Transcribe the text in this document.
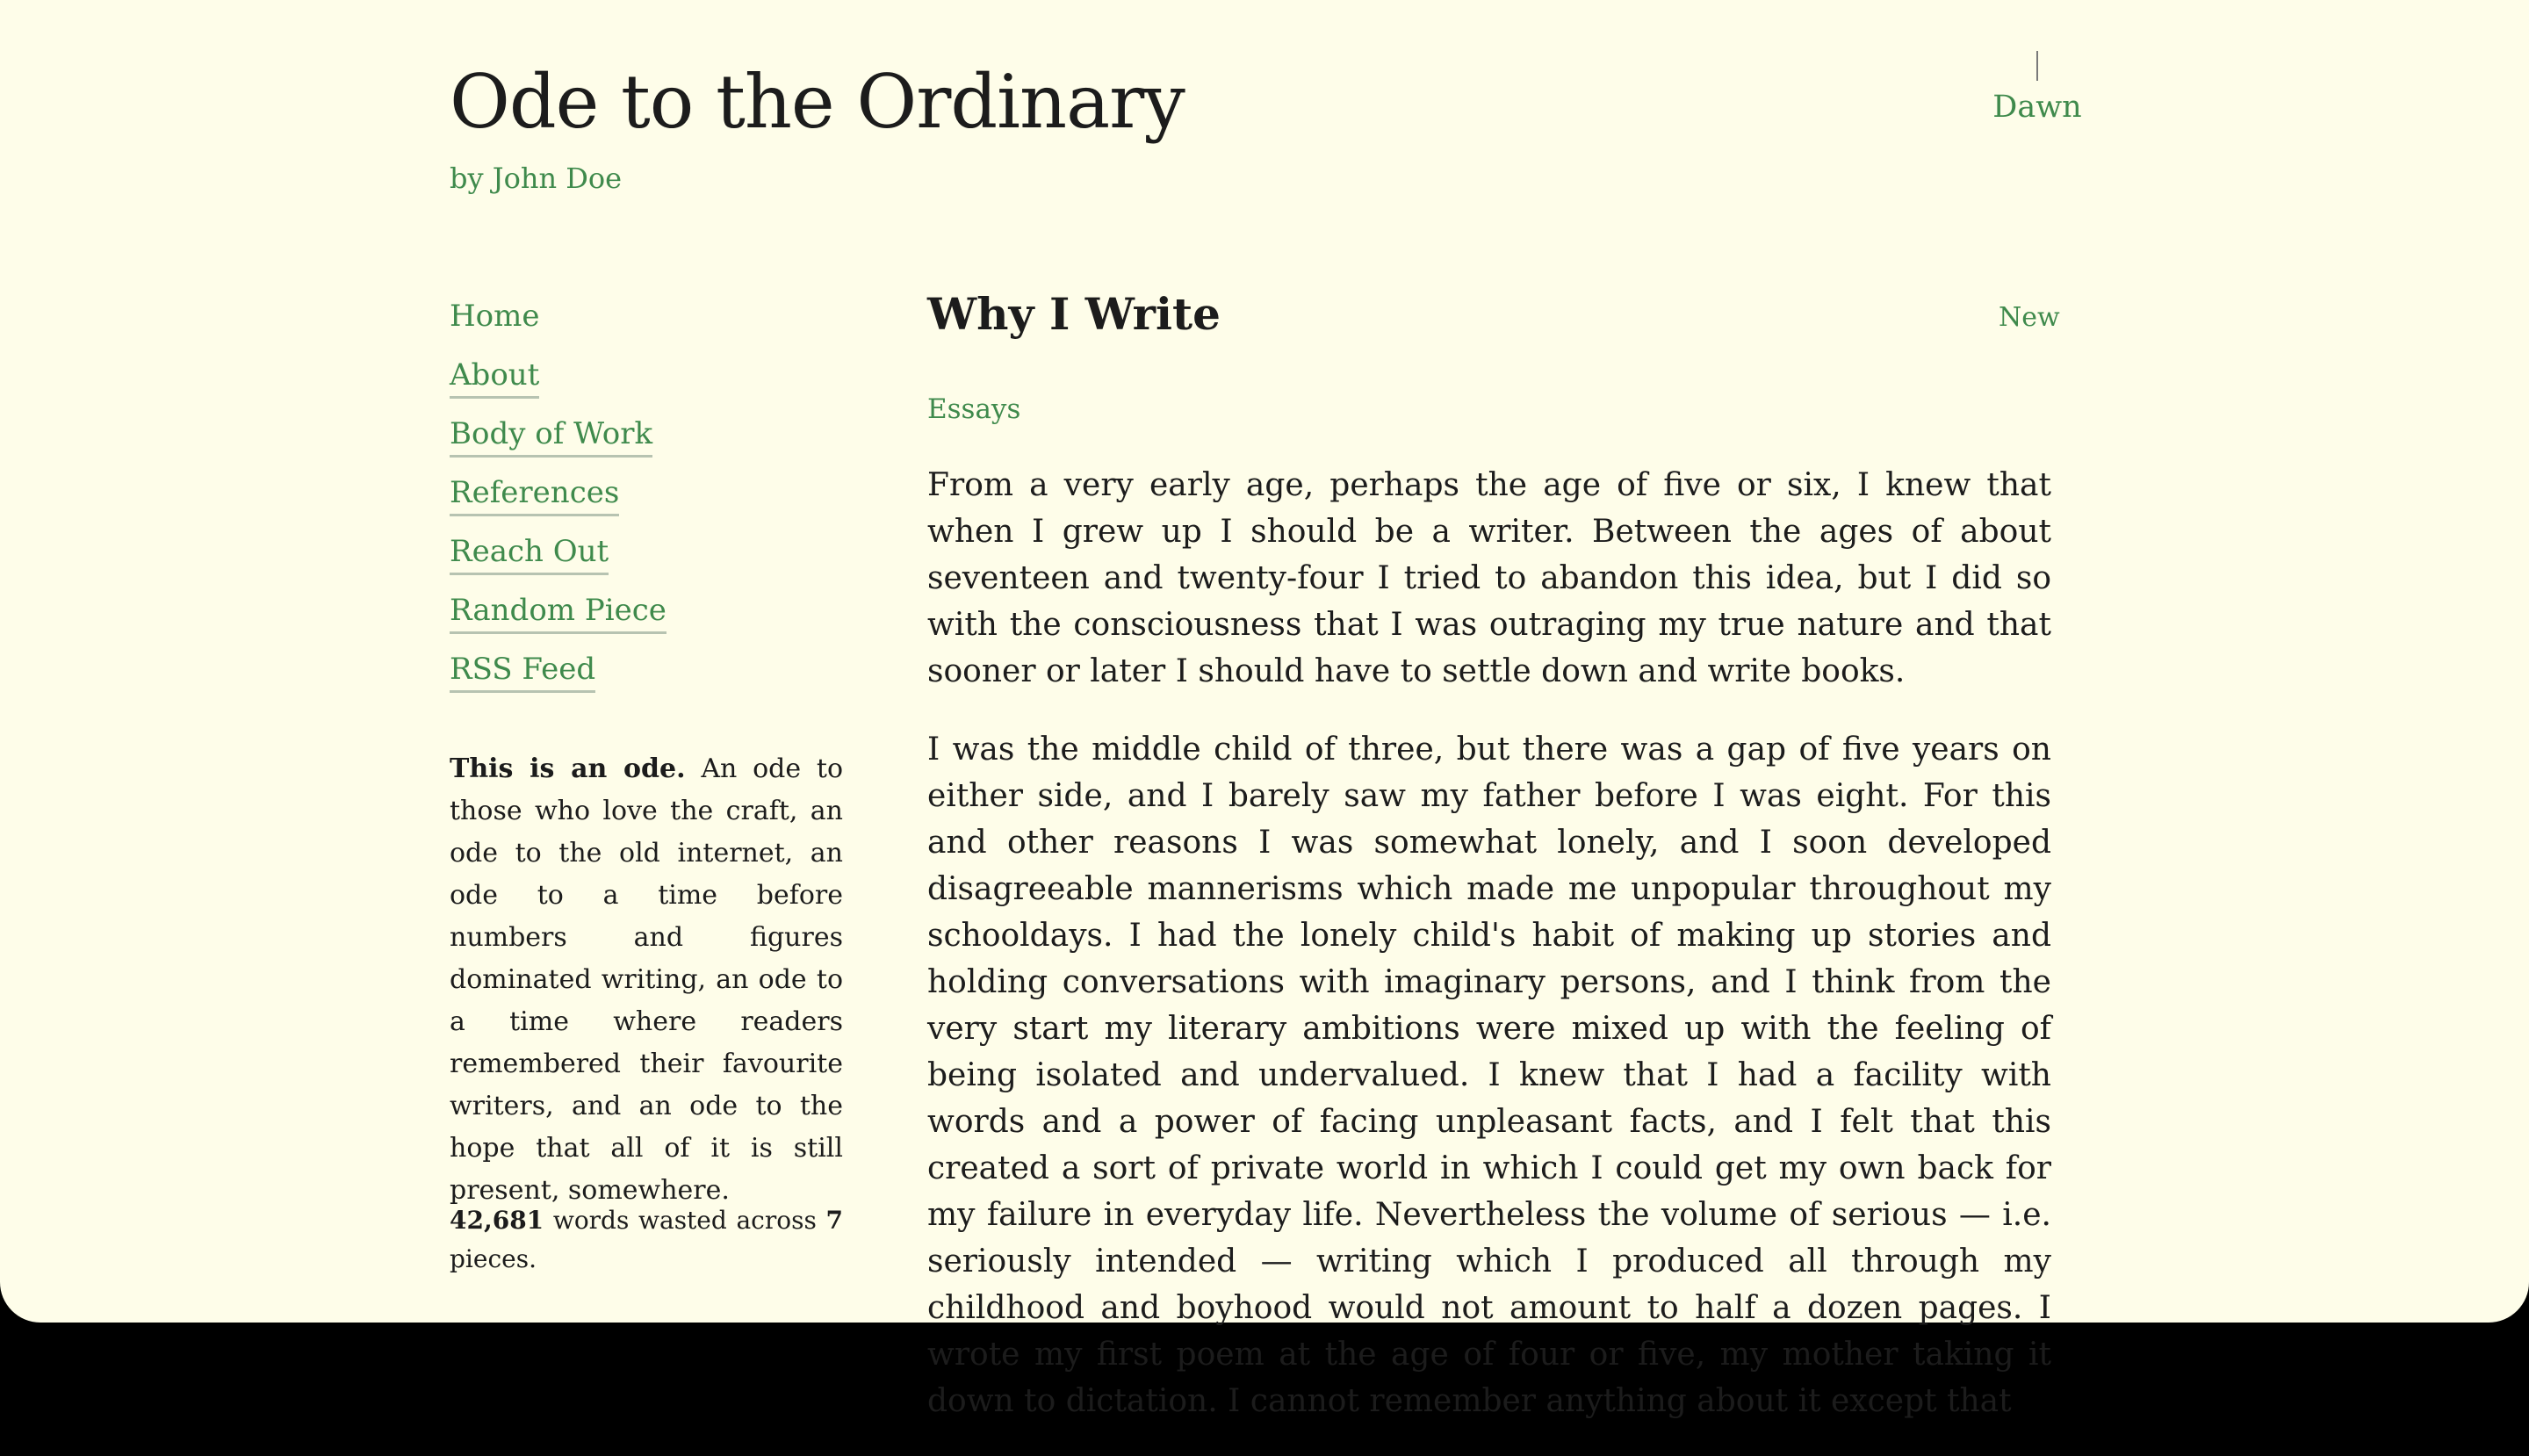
Ode to the Ordinary
by John Doe
Dawn
Home
About
Body of Work
References
Reach Out
Random Piece
RSS Feed

This is an ode. An ode to those who love the craft, an ode to the old internet, an ode to a time before numbers and figures dominated writing, an ode to a time where readers remembered their favourite writers, and an ode to the hope that all of it is still present, somewhere.

42,681 words wasted across 7 pieces.

Why I Write	New
Essays

From a very early age, perhaps the age of five or six, I knew that when I grew up I should be a writer. Between the ages of about seventeen and twenty-four I tried to abandon this idea, but I did so with the consciousness that I was outraging my true nature and that sooner or later I should have to settle down and write books.

I was the middle child of three, but there was a gap of five years on either side, and I barely saw my father before I was eight. For this and other reasons I was somewhat lonely, and I soon developed disagreeable mannerisms which made me unpopular throughout my schooldays. I had the lonely child's habit of making up stories and holding conversations with imaginary persons, and I think from the very start my literary ambitions were mixed up with the feeling of being isolated and undervalued. I knew that I had a facility with words and a power of facing unpleasant facts, and I felt that this created a sort of private world in which I could get my own back for my failure in everyday life. Nevertheless the volume of serious — i.e. seriously intended — writing which I produced all through my childhood and boyhood would not amount to half a dozen pages. I wrote my first poem at the age of four or five, my mother taking it down to dictation. I cannot remember anything about it except that
